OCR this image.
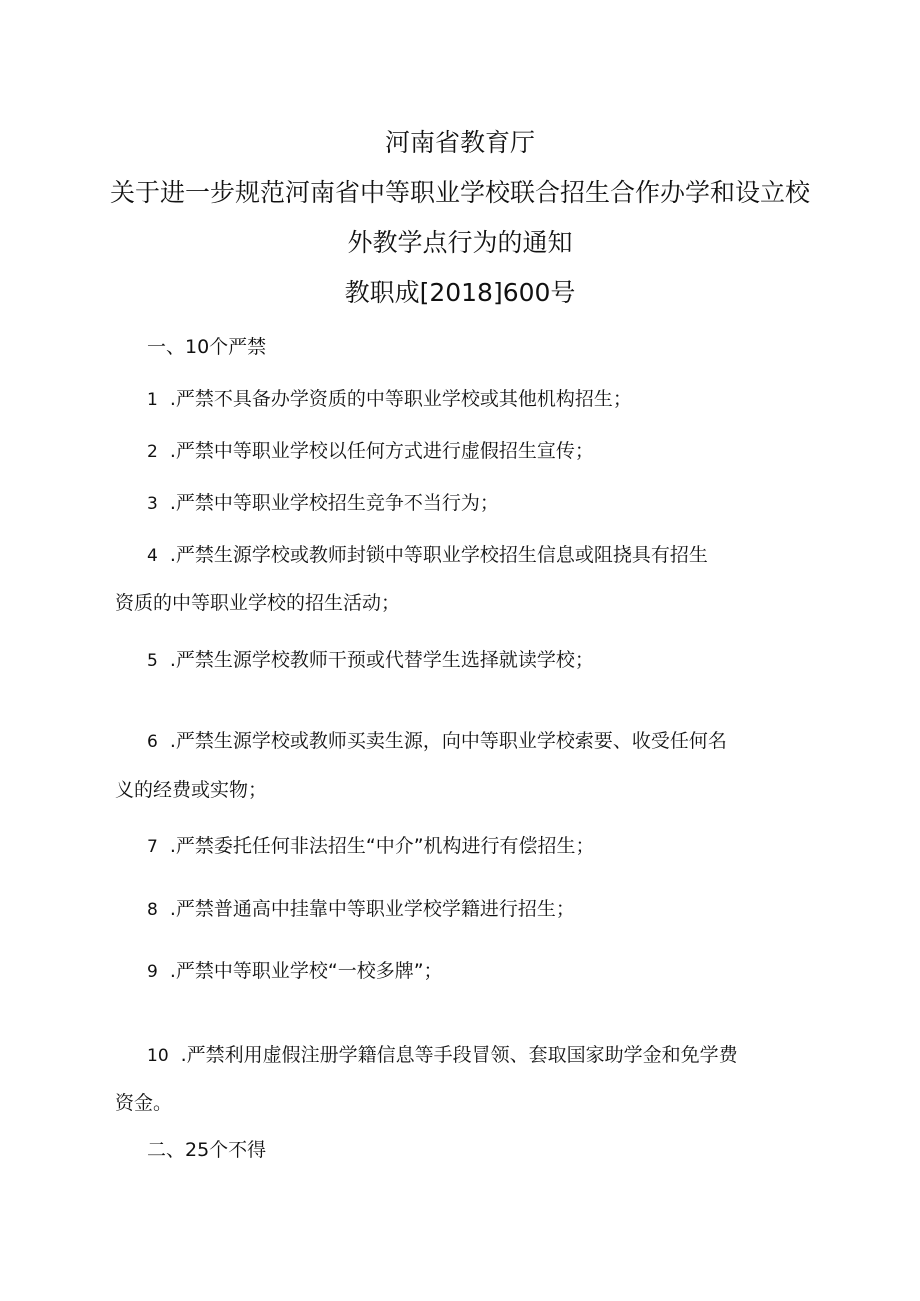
河南省教育厅
关于进一步规范河南省中等职业学校联合招生合作办学和设立校
外教学点行为的通知
教职成[2018]600号
一、10个严禁
1 .严禁不具备办学资质的中等职业学校或其他机构招生；
2 .严禁中等职业学校以任何方式进行虚假招生宣传；
3 .严禁中等职业学校招生竞争不当行为；
4 .严禁生源学校或教师封锁中等职业学校招生信息或阻挠具有招生
资质的中等职业学校的招生活动；
5 .严禁生源学校教师干预或代替学生选择就读学校；
6 .严禁生源学校或教师买卖生源，向中等职业学校索要、收受任何名
义的经费或实物；
7 .严禁委托任何非法招生“中介”机构进行有偿招生；
8 .严禁普通高中挂靠中等职业学校学籍进行招生；
9 .严禁中等职业学校“一校多牌”；
10 .严禁利用虚假注册学籍信息等手段冒领、套取国家助学金和免学费
资金。
二、25个不得
